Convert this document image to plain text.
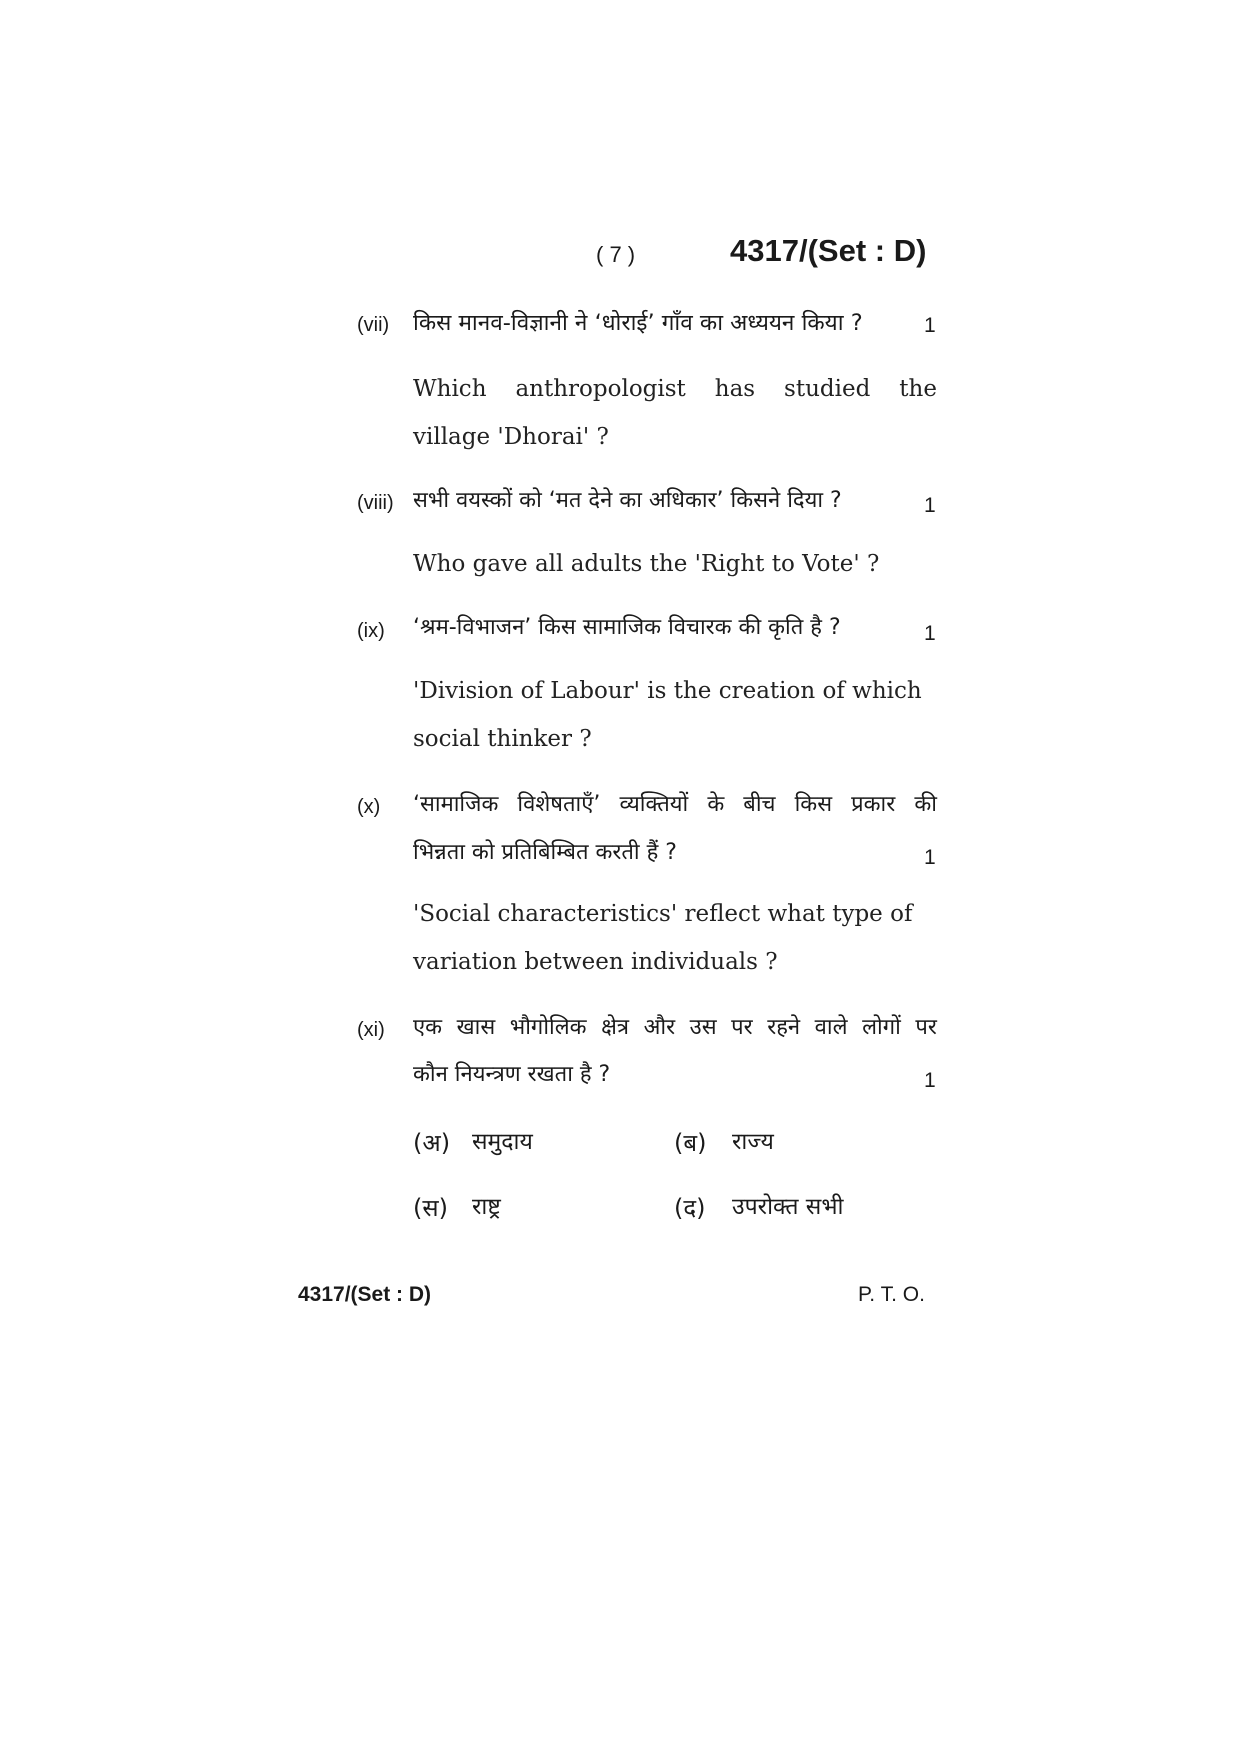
( 7 )	4317/(Set : D)
(vii) किस मानव-विज्ञानी ने ‘धोराई’ गाँव का अध्ययन किया ?	1
Which anthropologist has studied the
village 'Dhorai' ?
(viii) सभी वयस्कों को ‘मत देने का अधिकार’ किसने दिया ?	1
Who gave all adults the 'Right to Vote' ?
(ix) ‘श्रम-विभाजन’ किस सामाजिक विचारक की कृति है ?	1
'Division of Labour' is the creation of which
social thinker ?
(x) ‘सामाजिक विशेषताएँ’ व्यक्तियों के बीच किस प्रकार की
भिन्नता को प्रतिबिम्बित करती हैं ?	1
'Social characteristics' reflect what type of
variation between individuals ?
(xi) एक खास भौगोलिक क्षेत्र और उस पर रहने वाले लोगों पर
कौन नियन्त्रण रखता है ?	1
(अ) समुदाय	(ब) राज्य
(स) राष्ट्र	(द) उपरोक्त सभी
4317/(Set : D)	P. T. O.
